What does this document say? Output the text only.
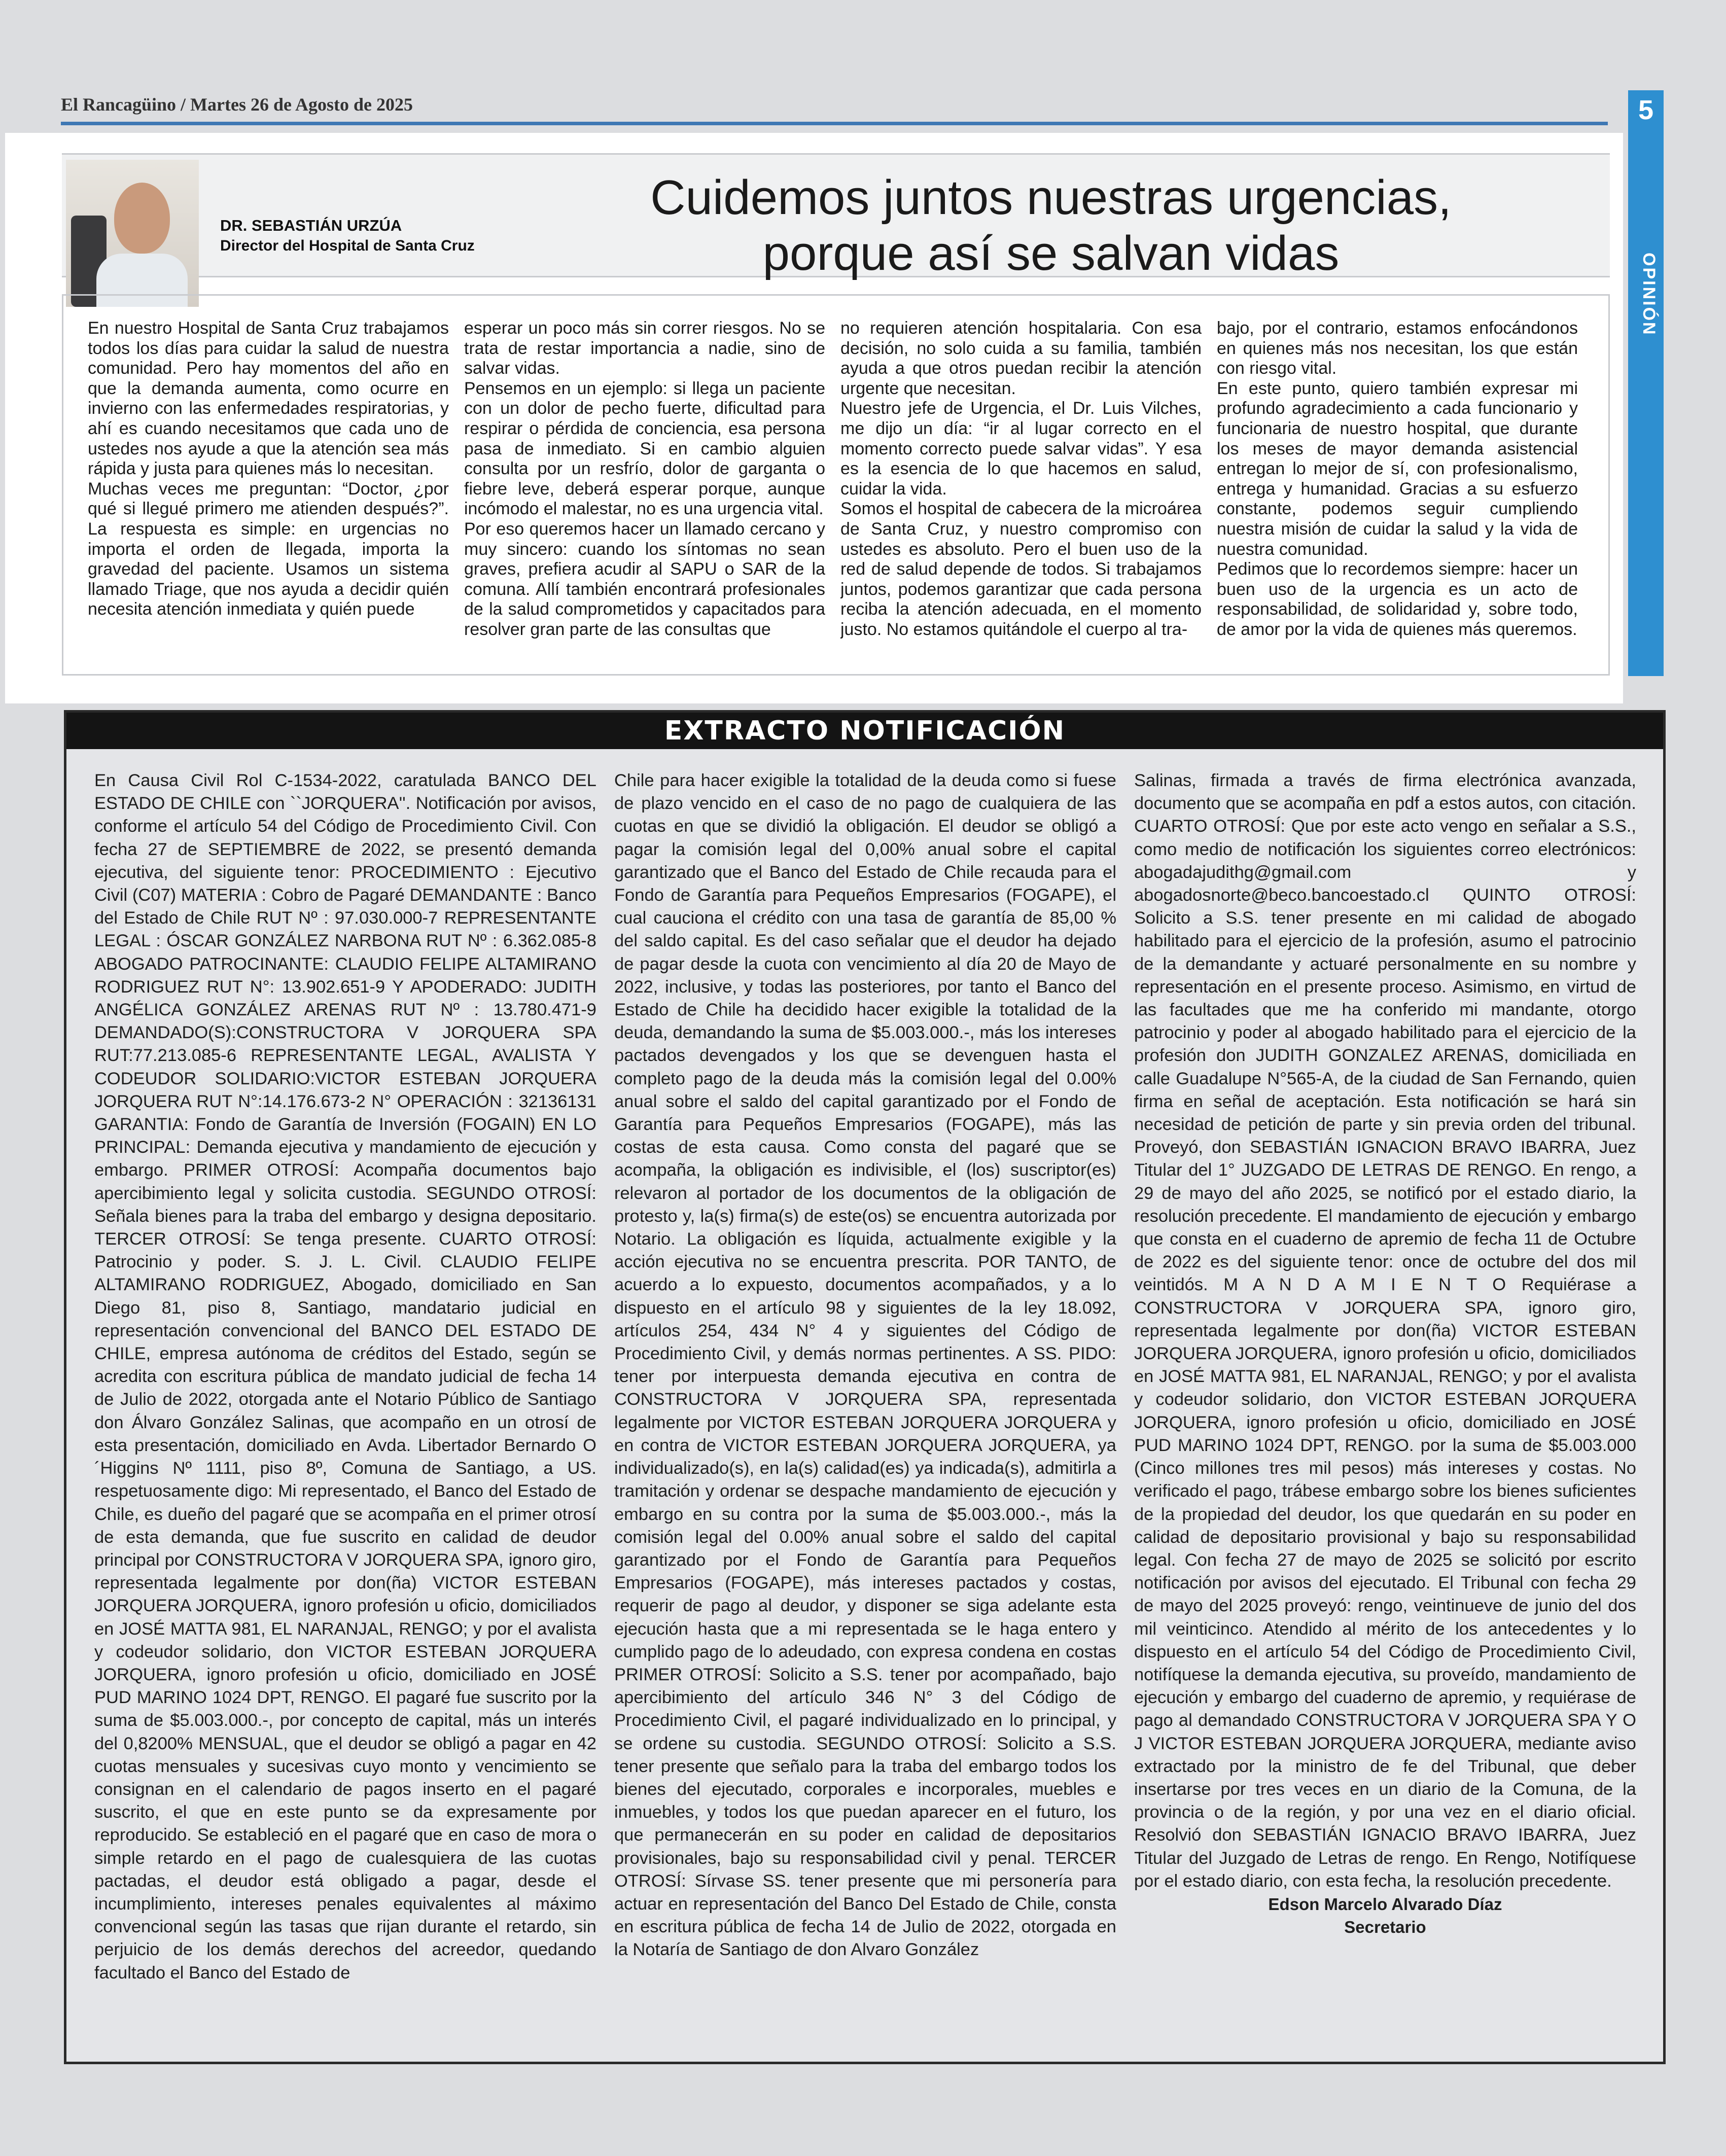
El Rancagüino / Martes 26 de Agosto de 2025	5
OPINIÓN
DR. SEBASTIÁN URZÚA
Director del Hospital de Santa Cruz
Cuidemos juntos nuestras urgencias,
porque así se salvan vidas

En nuestro Hospital de Santa Cruz trabajamos todos los días para cuidar la salud de nuestra comunidad. Pero hay momentos del año en que la demanda aumenta, como ocurre en invierno con las enfermedades respiratorias, y ahí es cuando necesitamos que cada uno de ustedes nos ayude a que la atención sea más rápida y justa para quienes más lo necesitan.

Muchas veces me preguntan: “Doctor, ¿por qué si llegué primero me atienden después?”. La respuesta es simple: en urgencias no importa el orden de llegada, importa la gravedad del paciente. Usamos un sistema llamado Triage, que nos ayuda a decidir quién necesita atención inmediata y quién puede

esperar un poco más sin correr riesgos. No se trata de restar importancia a nadie, sino de salvar vidas.

Pensemos en un ejemplo: si llega un paciente con un dolor de pecho fuerte, dificultad para respirar o pérdida de conciencia, esa persona pasa de inmediato. Si en cambio alguien consulta por un resfrío, dolor de garganta o fiebre leve, deberá esperar porque, aunque incómodo el malestar, no es una urgencia vital.

Por eso queremos hacer un llamado cercano y muy sincero: cuando los síntomas no sean graves, prefiera acudir al SAPU o SAR de la comuna. Allí también encontrará profesionales de la salud comprometidos y capacitados para resolver gran parte de las consultas que

no requieren atención hospitalaria. Con esa decisión, no solo cuida a su familia, también ayuda a que otros puedan recibir la atención urgente que necesitan.

Nuestro jefe de Urgencia, el Dr. Luis Vilches, me dijo un día: “ir al lugar correcto en el momento correcto puede salvar vidas”. Y esa es la esencia de lo que hacemos en salud, cuidar la vida.

Somos el hospital de cabecera de la microárea de Santa Cruz, y nuestro compromiso con ustedes es absoluto. Pero el buen uso de la red de salud depende de todos. Si trabajamos juntos, podemos garantizar que cada persona reciba la atención adecuada, en el momento justo. No estamos quitándole el cuerpo al tra-

bajo, por el contrario, estamos enfocándonos en quienes más nos necesitan, los que están con riesgo vital.

En este punto, quiero también expresar mi profundo agradecimiento a cada funcionario y funcionaria de nuestro hospital, que durante los meses de mayor demanda asistencial entregan lo mejor de sí, con profesionalismo, entrega y humanidad. Gracias a su esfuerzo constante, podemos seguir cumpliendo nuestra misión de cuidar la salud y la vida de nuestra comunidad.

Pedimos que lo recordemos siempre: hacer un buen uso de la urgencia es un acto de responsabilidad, de solidaridad y, sobre todo, de amor por la vida de quienes más queremos.

EXTRACTO NOTIFICACIÓN
En Causa Civil Rol C-1534-2022, caratulada BANCO DEL ESTADO DE CHILE con ``JORQUERA''. Notificación por avisos, conforme el artículo 54 del Código de Procedimiento Civil. Con fecha 27 de SEPTIEMBRE de 2022, se presentó demanda ejecutiva, del siguiente tenor: PROCEDIMIENTO : Ejecutivo Civil (C07) MATERIA : Cobro de Pagaré DEMANDANTE : Banco del Estado de Chile RUT Nº : 97.030.000-7 REPRESENTANTE LEGAL : ÓSCAR GONZÁLEZ NARBONA RUT Nº : 6.362.085-8 ABOGADO PATROCINANTE: CLAUDIO FELIPE ALTAMIRANO RODRIGUEZ RUT N°: 13.902.651-9 Y APODERADO: JUDITH ANGÉLICA GONZÁLEZ ARENAS RUT Nº : 13.780.471-9 DEMANDADO(S):CONSTRUCTORA V JORQUERA SPA RUT:77.213.085-6 REPRESENTANTE LEGAL, AVALISTA Y CODEUDOR SOLIDARIO:VICTOR ESTEBAN JORQUERA JORQUERA RUT N°:14.176.673-2 N° OPERACIÓN : 32136131 GARANTIA: Fondo de Garantía de Inversión (FOGAIN) EN LO PRINCIPAL: Demanda ejecutiva y mandamiento de ejecución y embargo. PRIMER OTROSÍ: Acompaña documentos bajo apercibimiento legal y solicita custodia. SEGUNDO OTROSÍ: Señala bienes para la traba del embargo y designa depositario. TERCER OTROSÍ: Se tenga presente. CUARTO OTROSÍ: Patrocinio y poder. S. J. L. Civil. CLAUDIO FELIPE ALTAMIRANO RODRIGUEZ, Abogado, domiciliado en San Diego 81, piso 8, Santiago, mandatario judicial en representación convencional del BANCO DEL ESTADO DE CHILE, empresa autónoma de créditos del Estado, según se acredita con escritura pública de mandato judicial de fecha 14 de Julio de 2022, otorgada ante el Notario Público de Santiago don Álvaro González Salinas, que acompaño en un otrosí de esta presentación, domiciliado en Avda. Libertador Bernardo O´Higgins Nº 1111, piso 8º, Comuna de Santiago, a US. respetuosamente digo: Mi representado, el Banco del Estado de Chile, es dueño del pagaré que se acompaña en el primer otrosí de esta demanda, que fue suscrito en calidad de deudor principal por CONSTRUCTORA V JORQUERA SPA, ignoro giro, representada legalmente por don(ña) VICTOR ESTEBAN JORQUERA JORQUERA, ignoro profesión u oficio, domiciliados en JOSÉ MATTA 981, EL NARANJAL, RENGO; y por el avalista y codeudor solidario, don VICTOR ESTEBAN JORQUERA JORQUERA, ignoro profesión u oficio, domiciliado en JOSÉ PUD MARINO 1024 DPT, RENGO. El pagaré fue suscrito por la suma de $5.003.000.-, por concepto de capital, más un interés del 0,8200% MENSUAL, que el deudor se obligó a pagar en 42 cuotas mensuales y sucesivas cuyo monto y vencimiento se consignan en el calendario de pagos inserto en el pagaré suscrito, el que en este punto se da expresamente por reproducido. Se estableció en el pagaré que en caso de mora o simple retardo en el pago de cualesquiera de las cuotas pactadas, el deudor está obligado a pagar, desde el incumplimiento, intereses penales equivalentes al máximo convencional según las tasas que rijan durante el retardo, sin perjuicio de los demás derechos del acreedor, quedando facultado el Banco del Estado de
Chile para hacer exigible la totalidad de la deuda como si fuese de plazo vencido en el caso de no pago de cualquiera de las cuotas en que se dividió la obligación. El deudor se obligó a pagar la comisión legal del 0,00% anual sobre el capital garantizado que el Banco del Estado de Chile recauda para el Fondo de Garantía para Pequeños Empresarios (FOGAPE), el cual cauciona el crédito con una tasa de garantía de 85,00 % del saldo capital. Es del caso señalar que el deudor ha dejado de pagar desde la cuota con vencimiento al día 20 de Mayo de 2022, inclusive, y todas las posteriores, por tanto el Banco del Estado de Chile ha decidido hacer exigible la totalidad de la deuda, demandando la suma de $5.003.000.-, más los intereses pactados devengados y los que se devenguen hasta el completo pago de la deuda más la comisión legal del 0.00% anual sobre el saldo del capital garantizado por el Fondo de Garantía para Pequeños Empresarios (FOGAPE), más las costas de esta causa. Como consta del pagaré que se acompaña, la obligación es indivisible, el (los) suscriptor(es) relevaron al portador de los documentos de la obligación de protesto y, la(s) firma(s) de este(os) se encuentra autorizada por Notario. La obligación es líquida, actualmente exigible y la acción ejecutiva no se encuentra prescrita. POR TANTO, de acuerdo a lo expuesto, documentos acompañados, y a lo dispuesto en el artículo 98 y siguientes de la ley 18.092, artículos 254, 434 N° 4 y siguientes del Código de Procedimiento Civil, y demás normas pertinentes. A SS. PIDO: tener por interpuesta demanda ejecutiva en contra de CONSTRUCTORA V JORQUERA SPA, representada legalmente por VICTOR ESTEBAN JORQUERA JORQUERA y en contra de VICTOR ESTEBAN JORQUERA JORQUERA, ya individualizado(s), en la(s) calidad(es) ya indicada(s), admitirla a tramitación y ordenar se despache mandamiento de ejecución y embargo en su contra por la suma de $5.003.000.-, más la comisión legal del 0.00% anual sobre el saldo del capital garantizado por el Fondo de Garantía para Pequeños Empresarios (FOGAPE), más intereses pactados y costas, requerir de pago al deudor, y disponer se siga adelante esta ejecución hasta que a mi representada se le haga entero y cumplido pago de lo adeudado, con expresa condena en costas PRIMER OTROSÍ: Solicito a S.S. tener por acompañado, bajo apercibimiento del artículo 346 N° 3 del Código de Procedimiento Civil, el pagaré individualizado en lo principal, y se ordene su custodia. SEGUNDO OTROSÍ: Solicito a S.S. tener presente que señalo para la traba del embargo todos los bienes del ejecutado, corporales e incorporales, muebles e inmuebles, y todos los que puedan aparecer en el futuro, los que permanecerán en su poder en calidad de depositarios provisionales, bajo su responsabilidad civil y penal. TERCER OTROSÍ: Sírvase SS. tener presente que mi personería para actuar en representación del Banco Del Estado de Chile, consta en escritura pública de fecha 14 de Julio de 2022, otorgada en la Notaría de Santiago de don Alvaro González
Salinas, firmada a través de firma electrónica avanzada, documento que se acompaña en pdf a estos autos, con citación. CUARTO OTROSÍ: Que por este acto vengo en señalar a S.S., como medio de notificación los siguientes correo electrónicos: abogadajudithg@gmail.com y abogadosnorte@beco.bancoestado.cl QUINTO OTROSÍ: Solicito a S.S. tener presente en mi calidad de abogado habilitado para el ejercicio de la profesión, asumo el patrocinio de la demandante y actuaré personalmente en su nombre y representación en el presente proceso. Asimismo, en virtud de las facultades que me ha conferido mi mandante, otorgo patrocinio y poder al abogado habilitado para el ejercicio de la profesión don JUDITH GONZALEZ ARENAS, domiciliada en calle Guadalupe N°565-A, de la ciudad de San Fernando, quien firma en señal de aceptación. Esta notificación se hará sin necesidad de petición de parte y sin previa orden del tribunal. Proveyó, don SEBASTIÁN IGNACION BRAVO IBARRA, Juez Titular del 1° JUZGADO DE LETRAS DE RENGO. En rengo, a 29 de mayo del año 2025, se notificó por el estado diario, la resolución precedente. El mandamiento de ejecución y embargo que consta en el cuaderno de apremio de fecha 11 de Octubre de 2022 es del siguiente tenor: once de octubre del dos mil veintidós. M A N D A M I E N T O Requiérase a CONSTRUCTORA V JORQUERA SPA, ignoro giro, representada legalmente por don(ña) VICTOR ESTEBAN JORQUERA JORQUERA, ignoro profesión u oficio, domiciliados en JOSÉ MATTA 981, EL NARANJAL, RENGO; y por el avalista y codeudor solidario, don VICTOR ESTEBAN JORQUERA JORQUERA, ignoro profesión u oficio, domiciliado en JOSÉ PUD MARINO 1024 DPT, RENGO. por la suma de $5.003.000 (Cinco millones tres mil pesos) más intereses y costas. No verificado el pago, trábese embargo sobre los bienes suficientes de la propiedad del deudor, los que quedarán en su poder en calidad de depositario provisional y bajo su responsabilidad legal. Con fecha 27 de mayo de 2025 se solicitó por escrito notificación por avisos del ejecutado. El Tribunal con fecha 29 de mayo del 2025 proveyó: rengo, veintinueve de junio del dos mil veinticinco. Atendido al mérito de los antecedentes y lo dispuesto en el artículo 54 del Código de Procedimiento Civil, notifíquese la demanda ejecutiva, su proveído, mandamiento de ejecución y embargo del cuaderno de apremio, y requiérase de pago al demandado CONSTRUCTORA V JORQUERA SPA Y O J VICTOR ESTEBAN JORQUERA JORQUERA, mediante aviso extractado por la ministro de fe del Tribunal, que deber insertarse por tres veces en un diario de la Comuna, de la provincia o de la región, y por una vez en el diario oficial. Resolvió don SEBASTIÁN IGNACIO BRAVO IBARRA, Juez Titular del Juzgado de Letras de rengo. En Rengo, Notifíquese por el estado diario, con esta fecha, la resolución precedente.
Edson Marcelo Alvarado Díaz
Secretario
